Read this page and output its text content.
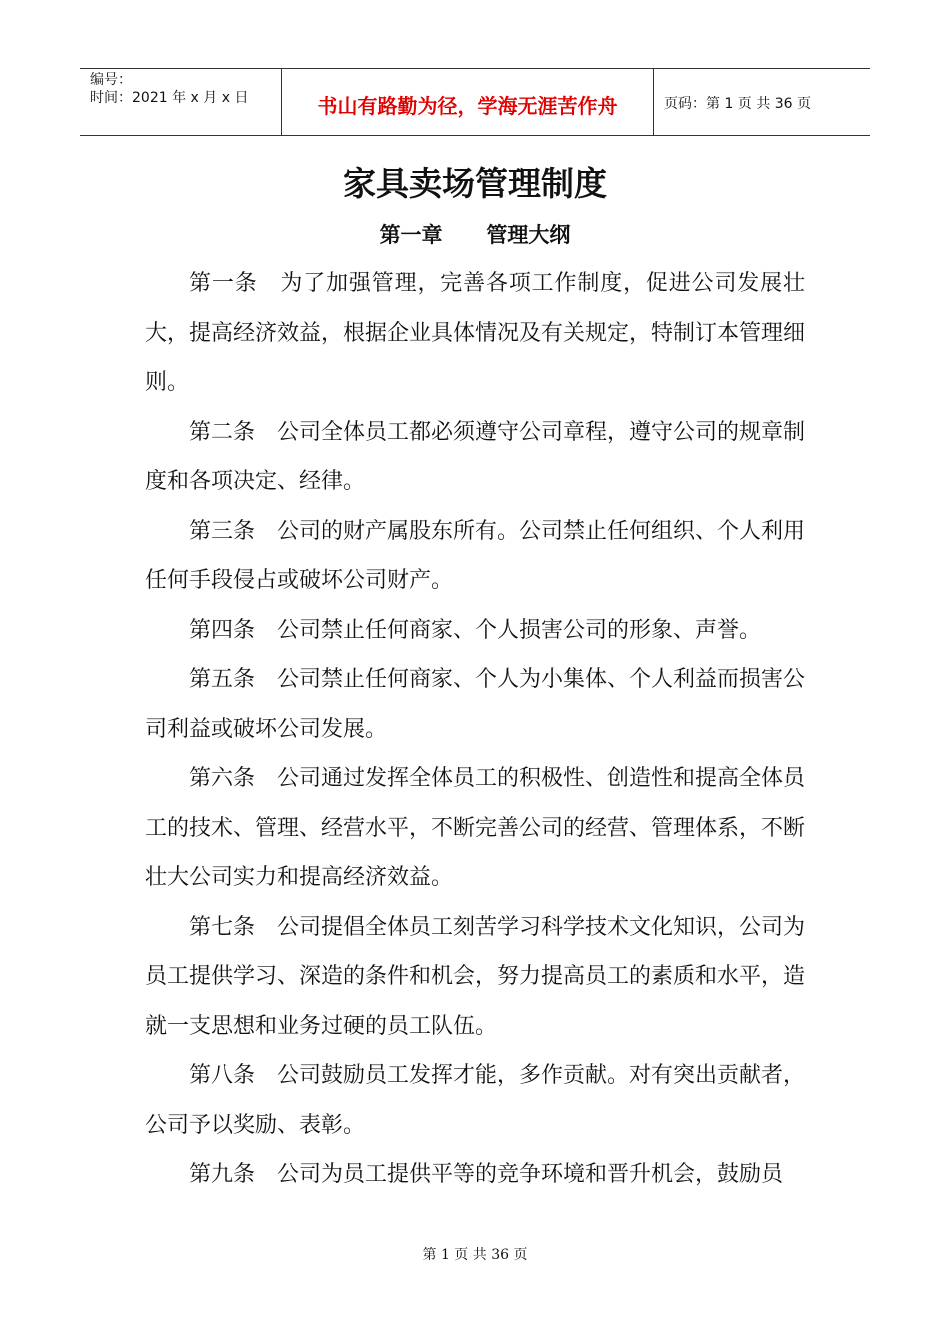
编号：
时间：2021 年 x 月 x 日	书山有路勤为径，学海无涯苦作舟	页码：第 1 页 共 36 页
家具卖场管理制度
第一章      管理大纲

第一条　为了加强管理，完善各项工作制度，促进公司发展壮大，提高经济效益，根据企业具体情况及有关规定，特制订本管理细则。

第二条　公司全体员工都必须遵守公司章程，遵守公司的规章制度和各项决定、经律。

第三条　公司的财产属股东所有。公司禁止任何组织、个人利用任何手段侵占或破坏公司财产。

第四条　公司禁止任何商家、个人损害公司的形象、声誉。

第五条　公司禁止任何商家、个人为小集体、个人利益而损害公司利益或破坏公司发展。

第六条　公司通过发挥全体员工的积极性、创造性和提高全体员工的技术、管理、经营水平，不断完善公司的经营、管理体系，不断壮大公司实力和提高经济效益。

第七条　公司提倡全体员工刻苦学习科学技术文化知识，公司为员工提供学习、深造的条件和机会，努力提高员工的素质和水平，造就一支思想和业务过硬的员工队伍。

第八条　公司鼓励员工发挥才能，多作贡献。对有突出贡献者，公司予以奖励、表彰。

第九条　公司为员工提供平等的竞争环境和晋升机会，鼓励员

第 1 页 共 36 页
